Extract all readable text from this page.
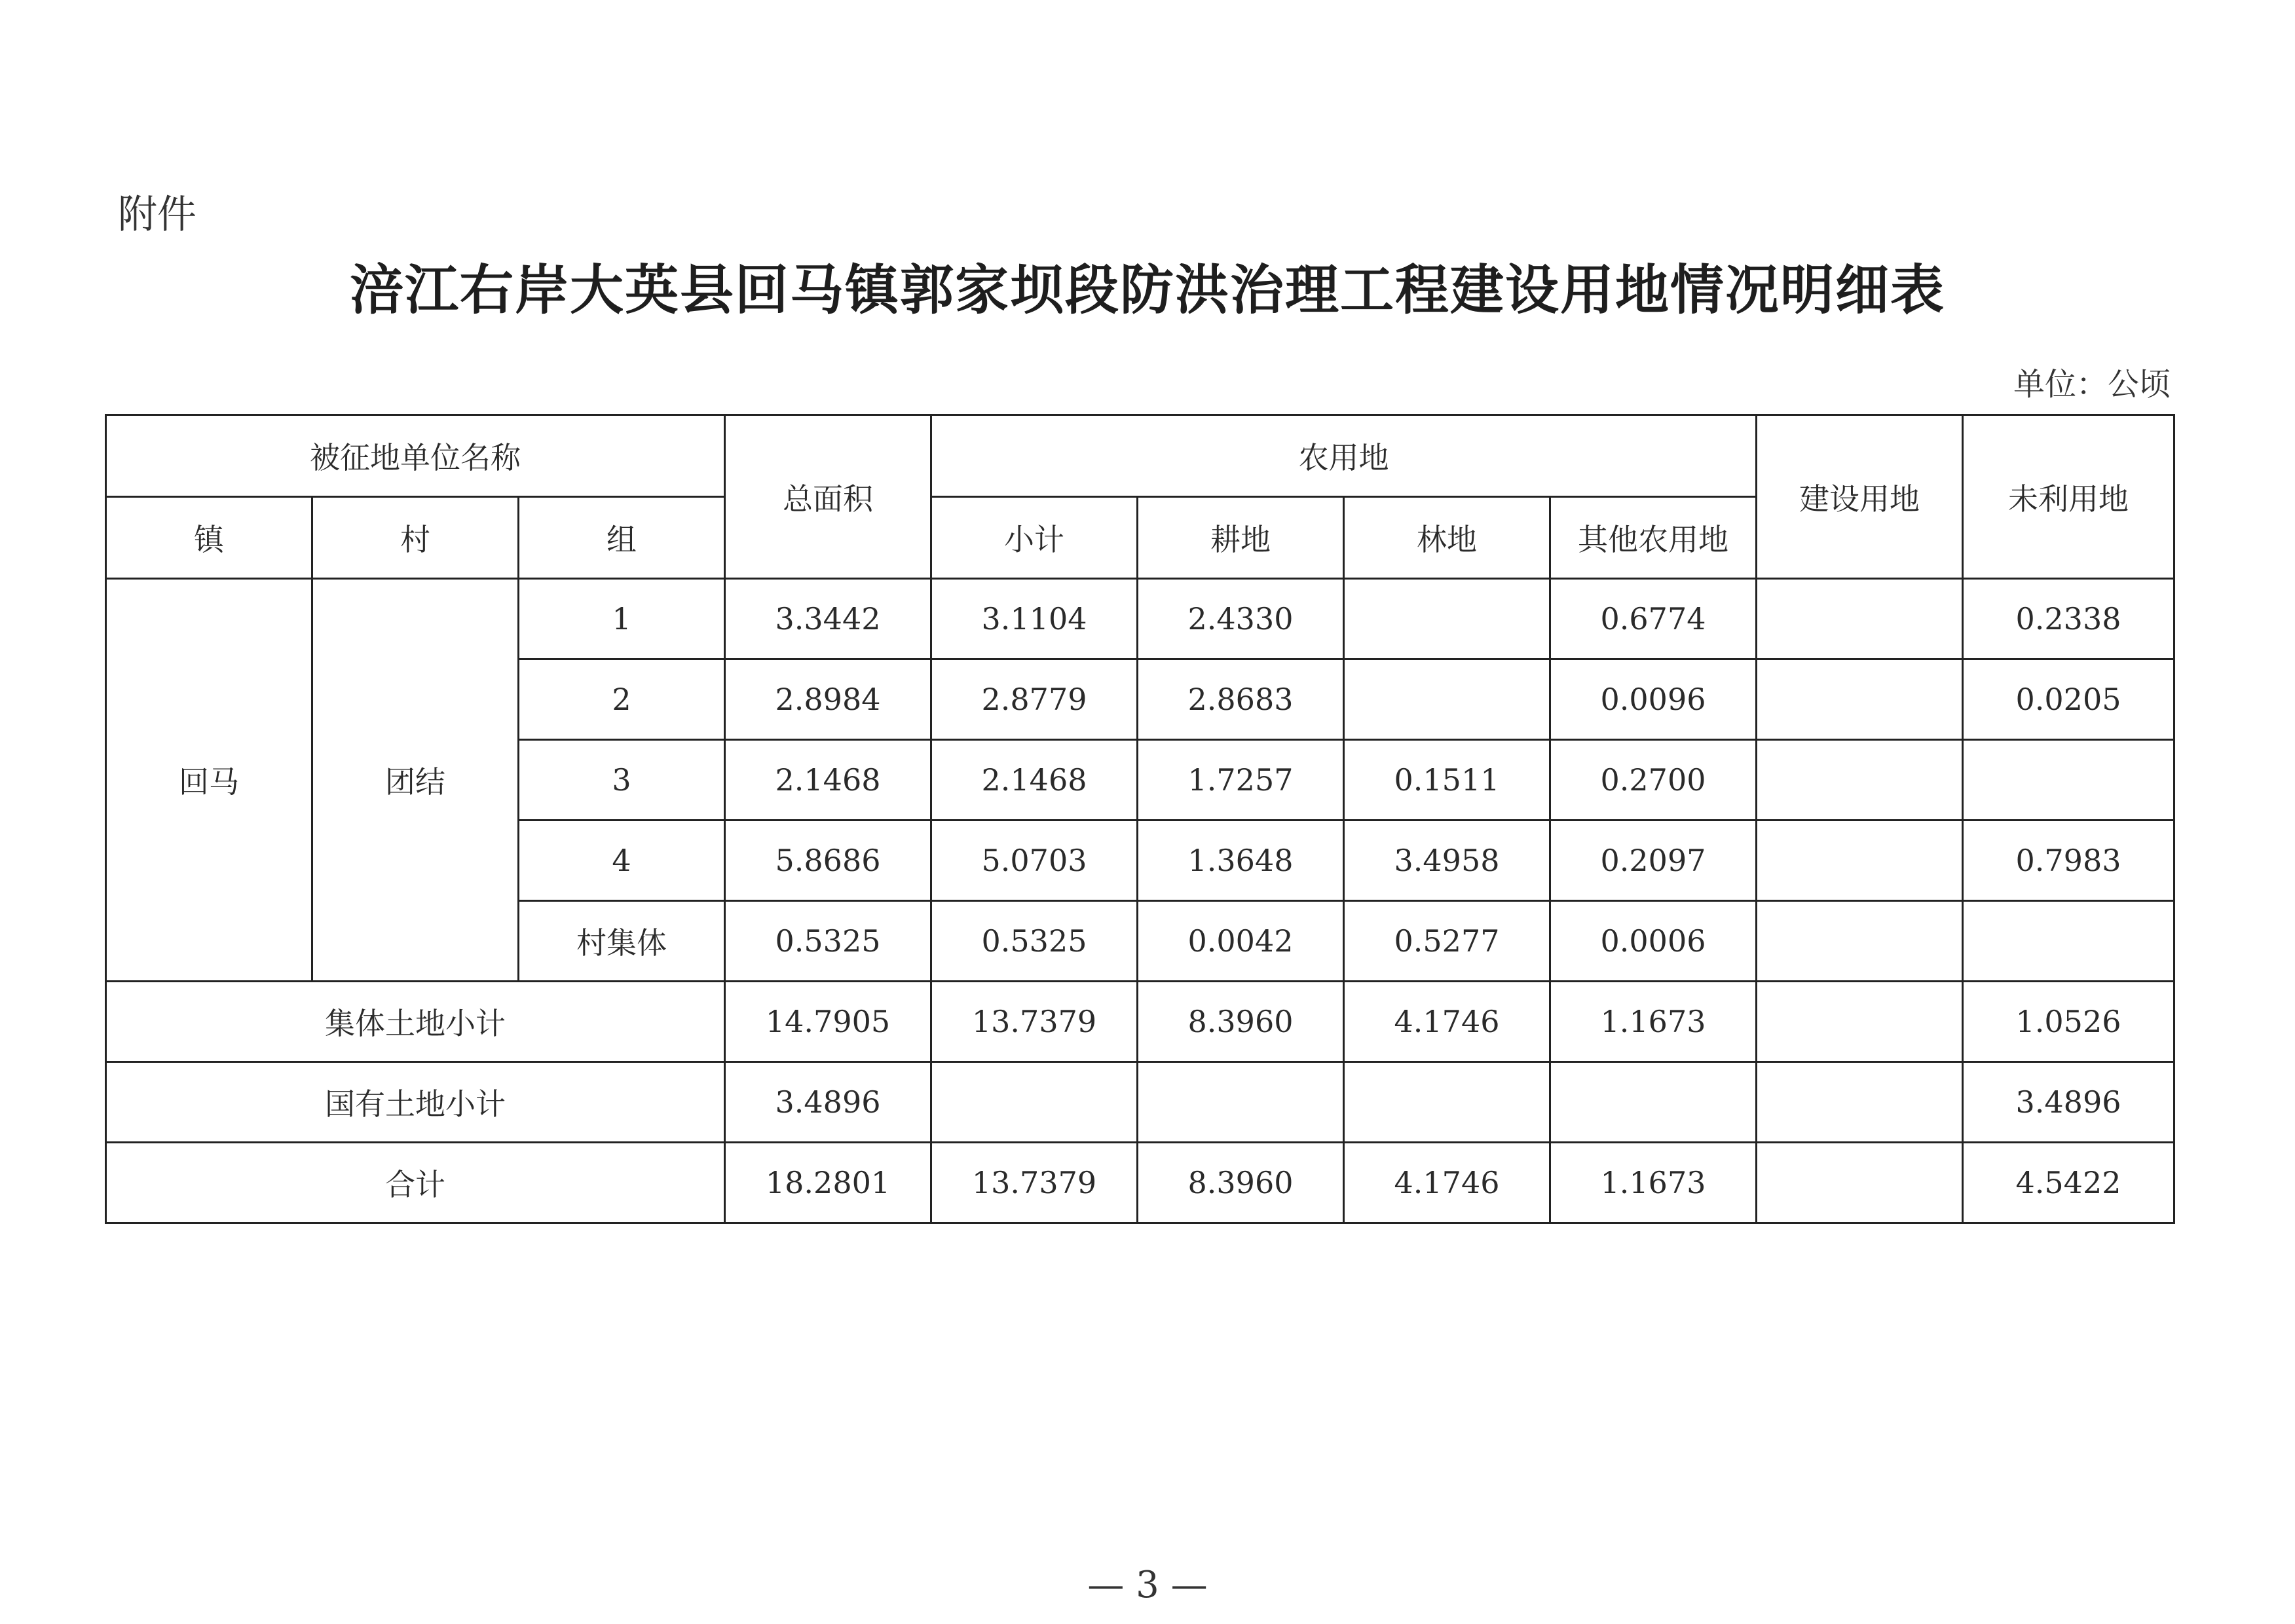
附件
涪江右岸大英县回马镇郭家坝段防洪治理工程建设用地情况明细表
单位：公顷
被征地单位名称			总面积	农用地				建设用地	未利用地
镇	村	组		小计	耕地	林地	其他农用地		
回马	团结	1	3.3442	3.1104	2.4330		0.6774		0.2338
		2	2.8984	2.8779	2.8683		0.0096		0.0205
		3	2.1468	2.1468	1.7257	0.1511	0.2700		
		4	5.8686	5.0703	1.3648	3.4958	0.2097		0.7983
		村集体	0.5325	0.5325	0.0042	0.5277	0.0006		
集体土地小计			14.7905	13.7379	8.3960	4.1746	1.1673		1.0526
国有土地小计			3.4896						3.4896
合计			18.2801	13.7379	8.3960	4.1746	1.1673		4.5422
— 3 —
